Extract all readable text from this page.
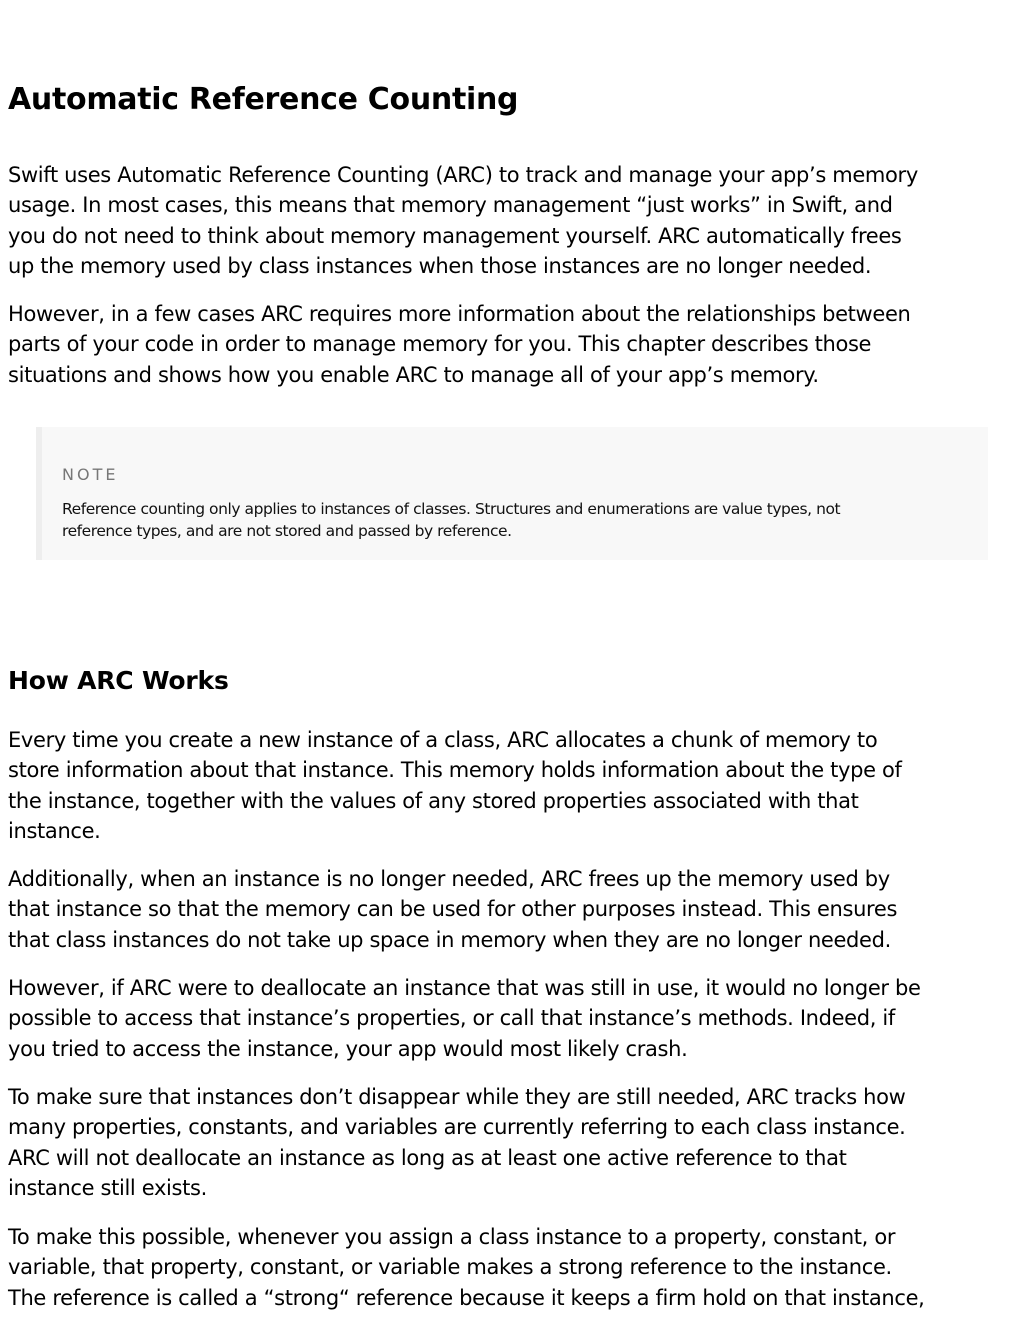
Automatic Reference Counting

Swift uses Automatic Reference Counting (ARC) to track and manage your app’s memory
usage. In most cases, this means that memory management “just works” in Swift, and
you do not need to think about memory management yourself. ARC automatically frees
up the memory used by class instances when those instances are no longer needed.

However, in a few cases ARC requires more information about the relationships between
parts of your code in order to manage memory for you. This chapter describes those
situations and shows how you enable ARC to manage all of your app’s memory.

NOTE
Reference counting only applies to instances of classes. Structures and enumerations are value types, not
reference types, and are not stored and passed by reference.
How ARC Works

Every time you create a new instance of a class, ARC allocates a chunk of memory to
store information about that instance. This memory holds information about the type of
the instance, together with the values of any stored properties associated with that
instance.

Additionally, when an instance is no longer needed, ARC frees up the memory used by
that instance so that the memory can be used for other purposes instead. This ensures
that class instances do not take up space in memory when they are no longer needed.

However, if ARC were to deallocate an instance that was still in use, it would no longer be
possible to access that instance’s properties, or call that instance’s methods. Indeed, if
you tried to access the instance, your app would most likely crash.

To make sure that instances don’t disappear while they are still needed, ARC tracks how
many properties, constants, and variables are currently referring to each class instance.
ARC will not deallocate an instance as long as at least one active reference to that
instance still exists.

To make this possible, whenever you assign a class instance to a property, constant, or
variable, that property, constant, or variable makes a strong reference to the instance.
The reference is called a “strong“ reference because it keeps a firm hold on that instance,
